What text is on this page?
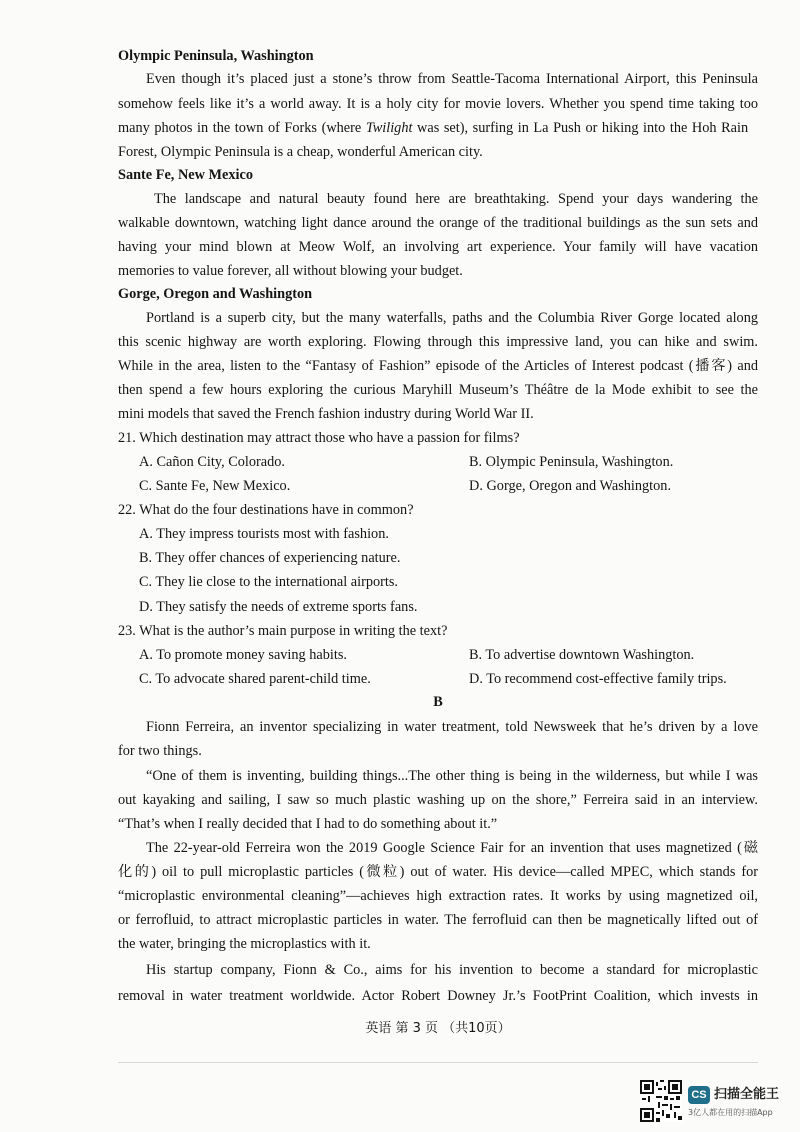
Olympic Peninsula, Washington
Even though it’s placed just a stone’s throw from Seattle-Tacoma International Airport, this Peninsula
somehow feels like it’s a world away. It is a holy city for movie lovers. Whether you spend time taking too
many photos in the town of Forks (where Twilight was set), surfing in La Push or hiking into the Hoh Rain
Forest, Olympic Peninsula is a cheap, wonderful American city.
Sante Fe, New Mexico
The landscape and natural beauty found here are breathtaking. Spend your days wandering the
walkable downtown, watching light dance around the orange of the traditional buildings as the sun sets and
having your mind blown at Meow Wolf, an involving art experience. Your family will have vacation
memories to value forever, all without blowing your budget.
Gorge, Oregon and Washington
Portland is a superb city, but the many waterfalls, paths and the Columbia River Gorge located along
this scenic highway are worth exploring. Flowing through this impressive land, you can hike and swim.
While in the area, listen to the “Fantasy of Fashion” episode of the Articles of Interest podcast (播客) and
then spend a few hours exploring the curious Maryhill Museum’s Théâtre de la Mode exhibit to see the
mini models that saved the French fashion industry during World War II.
21. Which destination may attract those who have a passion for films?
A. Cañon City, Colorado.	B. Olympic Peninsula, Washington.
C. Sante Fe, New Mexico.	D. Gorge, Oregon and Washington.
22. What do the four destinations have in common?
A. They impress tourists most with fashion.
B. They offer chances of experiencing nature.
C. They lie close to the international airports.
D. They satisfy the needs of extreme sports fans.
23. What is the author’s main purpose in writing the text?
A. To promote money saving habits.	B. To advertise downtown Washington.
C. To advocate shared parent-child time.	D. To recommend cost-effective family trips.
B
Fionn Ferreira, an inventor specializing in water treatment, told Newsweek that he’s driven by a love
for two things.
“One of them is inventing, building things...The other thing is being in the wilderness, but while I was
out kayaking and sailing, I saw so much plastic washing up on the shore,” Ferreira said in an interview.
“That’s when I really decided that I had to do something about it.”
The 22-year-old Ferreira won the 2019 Google Science Fair for an invention that uses magnetized (磁
化的) oil to pull microplastic particles (微粒) out of water. His device—called MPEC, which stands for
“microplastic environmental cleaning”—achieves high extraction rates. It works by using magnetized oil,
or ferrofluid, to attract microplastic particles in water. The ferrofluid can then be magnetically lifted out of
the water, bringing the microplastics with it.
His startup company, Fionn & Co., aims for his invention to become a standard for microplastic
removal in water treatment worldwide. Actor Robert Downey Jr.’s FootPrint Coalition, which invests in
英语 第 3 页 （共10页）
CS 扫描全能王
3亿人都在用的扫描App
